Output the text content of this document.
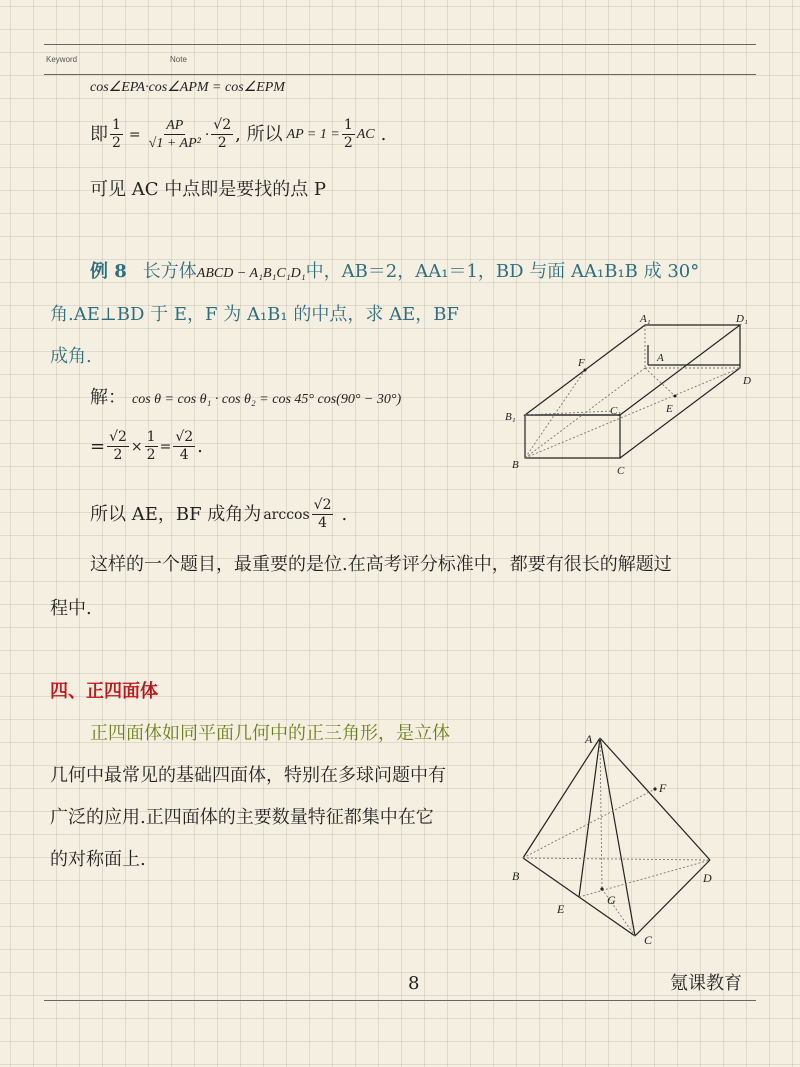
Keyword	Note
cos∠EPA·cos∠APM = cos∠EPM
即 $\frac{1}{2} = \frac{AP}{\text{√1 + AP²}} \cdot \frac{√2}{2}$ , 所以 AP = $1 = \frac{1}{2}$ AC .
可见 AC 中点即是要找的点 P
例 8 长方体ABCD − A₁B₁C₁D₁中，AB＝2，AA₁＝1，BD 与面 AA₁B₁B 成 30°
角.AE⊥BD 于 E，F 为 A₁B₁ 的中点，求 AE，BF
成角.
解： cos θ = cos θ₁ · cos θ₂ = cos 45° cos(90° − 30°)
= $\frac{√2}{2} \times \frac{1}{2} = \frac{√2}{4}$ .
所以 AE，BF 成角为 $\arccos \frac{√2}{4}$ .
这样的一个题目，最重要的是位.在高考评分标准中，都要有很长的解题过
程中.
四、正四面体
正四面体如同平面几何中的正三角形，是立体
几何中最常见的基础四面体，特别在多球问题中有
广泛的应用.正四面体的主要数量特征都集中在它
的对称面上.
A₁	D₁
F	A
D
B₁	C₁	E
B	C
A
F
B	D
E
G
C
8	氪课教育
